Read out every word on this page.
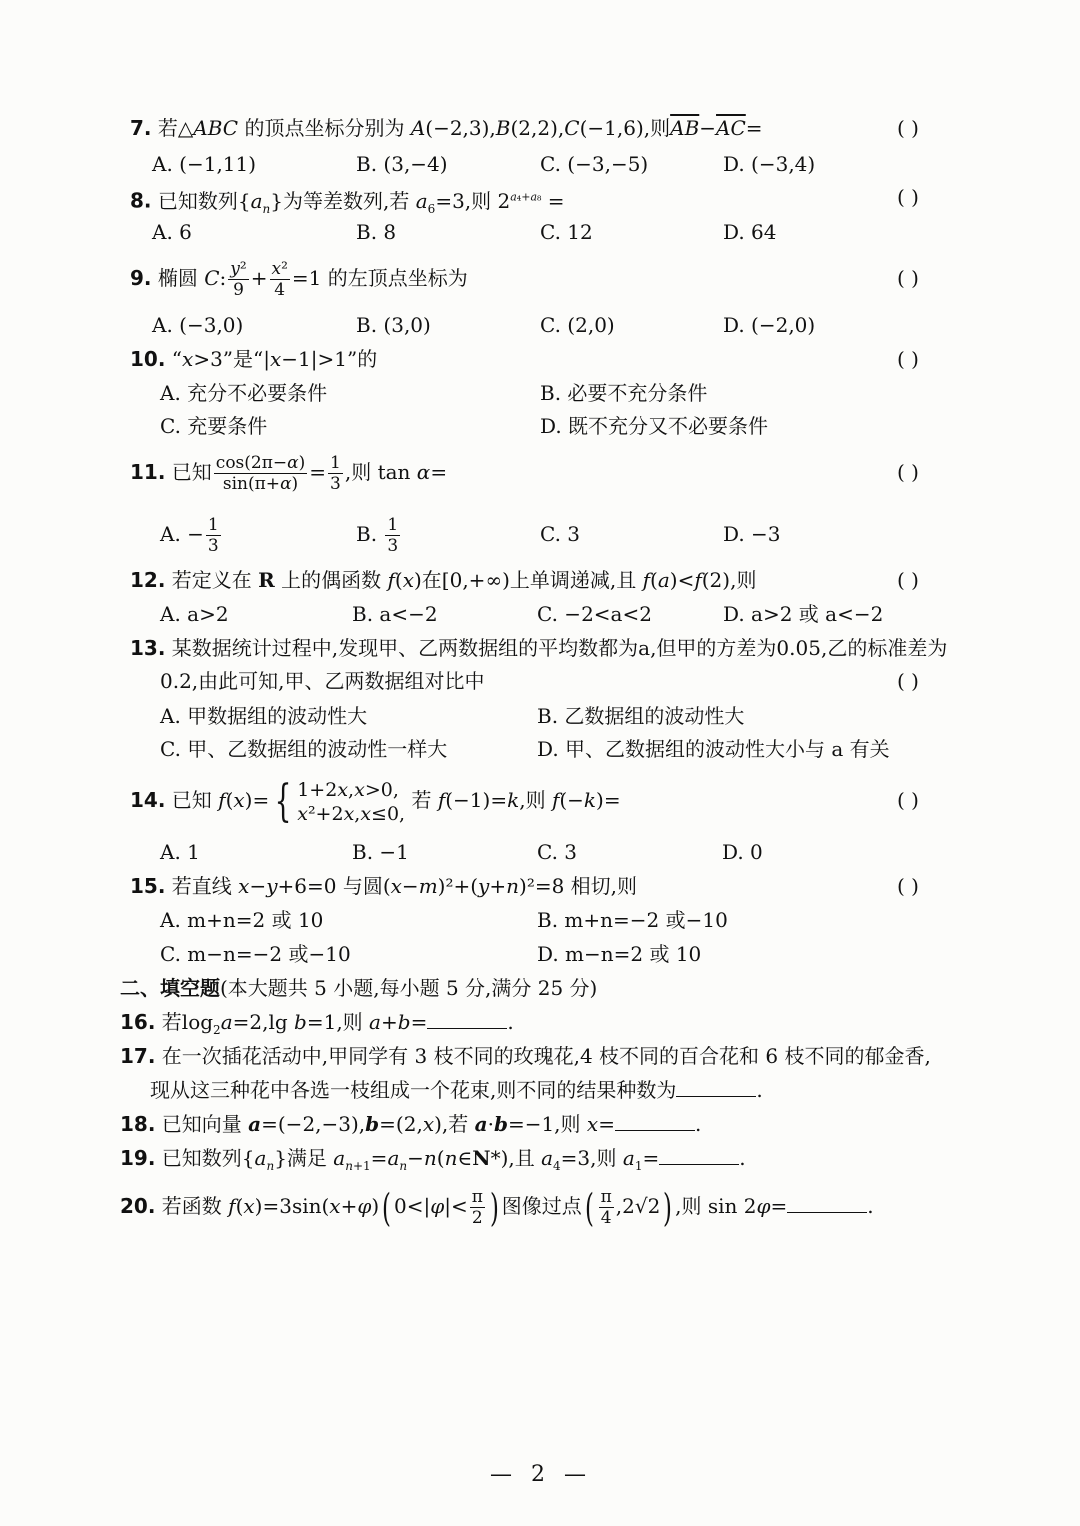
7. 若△ABC 的顶点坐标分别为 A(−2,3),B(2,2),C(−1,6),则$\overline{AB}-\overline{AC}=$	( )
A. (−1,11)	B. (3,−4)	C. (−3,−5)	D. (−3,4)
8. 已知数列$\{a_n\}$为等差数列,若 $a_6=3$,则 $2^{a_4+a_8}$ =	( )
A. 6	B. 8	C. 12	D. 64
9. 椭圆 C: $\frac{\text{y²}}{9} + \frac{\text{x²}}{4} =1$ 的左顶点坐标为	( )
A. (−3,0)	B. (3,0)	C. (2,0)	D. (−2,0)
10. “x>3”是“|x−1|>1”的	( )
A. 充分不必要条件	B. 必要不充分条件
C. 充要条件	D. 既不充分又不必要条件
11. 已知 $\frac{\cos(2\pi-\alpha)}{\sin(\pi+\alpha)} = \frac{1}{3}$ ,则 tan α=	( )
A. − $\frac{1}{3}$	B. $\frac{1}{3}$	C. 3	D. −3
12. 若定义在 R 上的偶函数 f(x)在[0,+∞)上单调递减,且 f(a)<f(2),则	( )
A. a>2	B. a<−2	C. −2<a<2	D. a>2 或 a<−2
13. 某数据统计过程中,发现甲、乙两数据组的平均数都为a,但甲的方差为0.05,乙的标准差为
0.2,由此可知,甲、乙两数据组对比中	( )
A. 甲数据组的波动性大	B. 乙数据组的波动性大
C. 甲、乙数据组的波动性一样大	D. 甲、乙数据组的波动性大小与 a 有关
14. 已知 f(x)= { 1+2x,x>0,
x²+2x,x≤0,
若 f(−1)=k,则 f(−k)=	( )
A. 1	B. −1	C. 3	D. 0
15. 若直线 x−y+6=0 与圆(x−m)²+(y+n)²=8 相切,则	( )
A. m+n=2 或 10	B. m+n=−2 或−10
C. m−n=−2 或−10	D. m−n=2 或 10
二、填空题(本大题共 5 小题,每小题 5 分,满分 25 分)
16. 若$\log_2a=2,\lg$ b=1,则 a+b=	.
17. 在一次插花活动中,甲同学有 3 枝不同的玫瑰花,4 枝不同的百合花和 6 枝不同的郁金香,
现从这三种花中各选一枝组成一个花束,则不同的结果种数为	.
18. 已知向量 a=(−2,−3),b=(2,x),若 a·b=−1,则 x=	.
19. 已知数列$\{a_n\}$满足 $a_{n+1}=a_n-n(n\in N*)$,且 $a_4=3$,则 $a_1=$	.
20. 若函数 f(x)=3sin(x+φ)( $0<|\varphi|< \frac{\pi}{2}$ ) 图像过点( $\frac{\pi}{4} ,2√2$) ,则 sin 2φ=	.
— 2 —
